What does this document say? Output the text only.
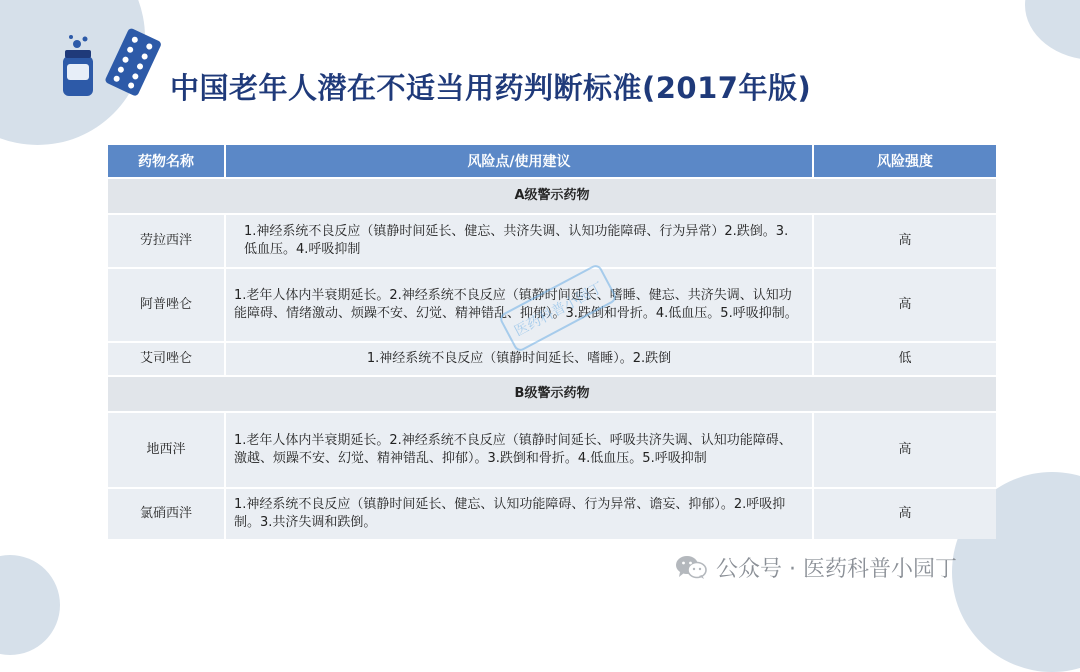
中国老年人潜在不适当用药判断标准(2017年版)
药物名称	风险点/使用建议	风险强度
A级警示药物		
劳拉西泮	1.神经系统不良反应（镇静时间延长、健忘、共济失调、认知功能障碍、行为异常）2.跌倒。3.低血压。4.呼吸抑制	高
阿普唑仑	1.老年人体内半衰期延长。2.神经系统不良反应（镇静时间延长、嗜睡、健忘、共济失调、认知功能障碍、情绪激动、烦躁不安、幻觉、精神错乱、抑郁）。3.跌倒和骨折。4.低血压。5.呼吸抑制。	高
艾司唑仑	1.神经系统不良反应（镇静时间延长、嗜睡）。2.跌倒	低
B级警示药物		
地西泮	1.老年人体内半衰期延长。2.神经系统不良反应（镇静时间延长、呼吸共济失调、认知功能障碍、激越、烦躁不安、幻觉、精神错乱、抑郁）。3.跌倒和骨折。4.低血压。5.呼吸抑制	高
氯硝西泮	1.神经系统不良反应（镇静时间延长、健忘、认知功能障碍、行为异常、谵妄、抑郁）。2.呼吸抑制。3.共济失调和跌倒。	高
医药科普小园丁
公众号 · 医药科普小园丁
